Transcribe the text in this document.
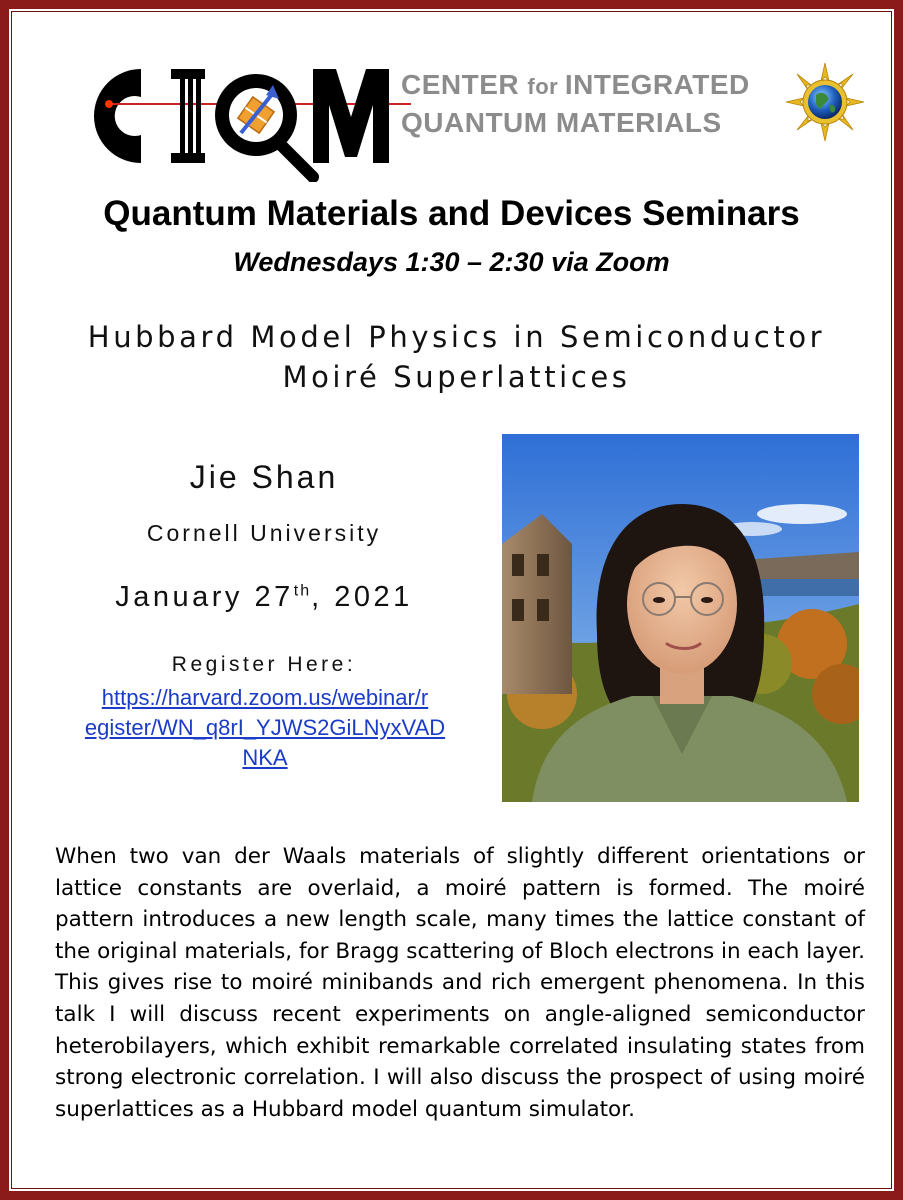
CENTER for INTEGRATED
QUANTUM MATERIALS
Quantum Materials and Devices Seminars
Wednesdays 1:30 – 2:30 via Zoom
Hubbard Model Physics in Semiconductor
Moiré Superlattices
Jie Shan
Cornell University
January 27th, 2021
Register Here:
https://harvard.zoom.us/webinar/r
egister/WN_q8rI_YJWS2GiLNyxVAD
NKA
When two van der Waals materials of slightly different orientations or lattice constants are overlaid, a moiré pattern is formed. The moiré pattern introduces a new length scale, many times the lattice constant of the original materials, for Bragg scattering of Bloch electrons in each layer. This gives rise to moiré minibands and rich emergent phenomena. In this talk I will discuss recent experiments on angle-aligned semiconductor heterobilayers, which exhibit remarkable correlated insulating states from strong electronic correlation. I will also discuss the prospect of using moiré superlattices as a Hubbard model quantum simulator.
